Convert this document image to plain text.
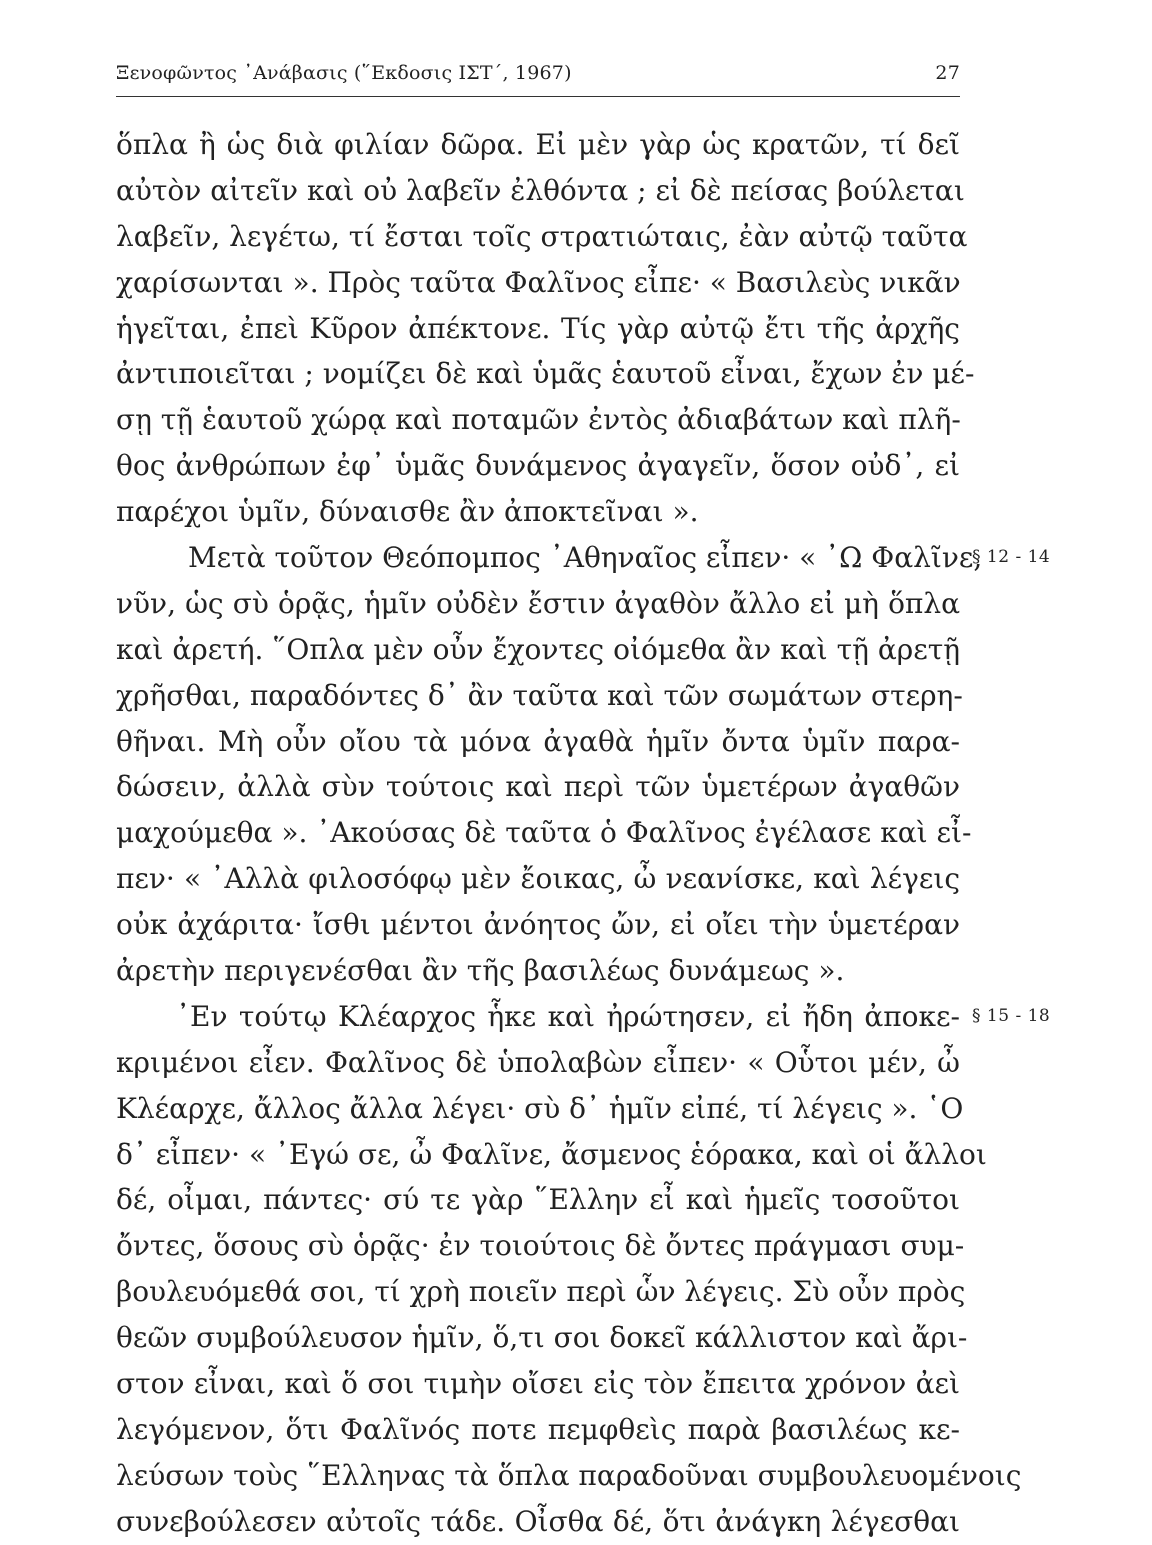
Ξενοφῶντος ᾿Ανάβασις (῞Εκδοσις ΙΣΤ΄, 1967)	27
ὅπλα ἢ ὡς διὰ φιλίαν δῶρα. Εἰ μὲν γὰρ ὡς κρατῶν, τί δεῖ
αὐτὸν αἰτεῖν καὶ οὐ λαβεῖν ἐλθόντα ; εἰ δὲ πείσας βούλεται
λαβεῖν, λεγέτω, τί ἔσται τοῖς στρατιώταις, ἐὰν αὐτῷ ταῦτα
χαρίσωνται ». Πρὸς ταῦτα Φαλῖνος εἶπε· « Βασιλεὺς νικᾶν
ἡγεῖται, ἐπεὶ Κῦρον ἀπέκτονε. Τίς γὰρ αὐτῷ ἔτι τῆς ἀρχῆς
ἀντιποιεῖται ; νομίζει δὲ καὶ ὑμᾶς ἑαυτοῦ εἶναι, ἔχων ἐν μέ-
σῃ τῇ ἑαυτοῦ χώρᾳ καὶ ποταμῶν ἐντὸς ἀδιαβάτων καὶ πλῆ-
θος ἀνθρώπων ἐφ᾿ ὑμᾶς δυνάμενος ἀγαγεῖν, ὅσον οὐδ᾿, εἰ
παρέχοι ὑμῖν, δύναισθε ἂν ἀποκτεῖναι ».
Μετὰ τοῦτον Θεόπομπος ᾿Αθηναῖος εἶπεν· « ᾿Ω Φαλῖνε,
§ 12 - 14
νῦν, ὡς σὺ ὁρᾷς, ἡμῖν οὐδὲν ἔστιν ἀγαθὸν ἄλλο εἰ μὴ ὅπλα
καὶ ἀρετή. ῞Οπλα μὲν οὖν ἔχοντες οἰόμεθα ἂν καὶ τῇ ἀρετῇ
χρῆσθαι, παραδόντες δ᾿ ἂν ταῦτα καὶ τῶν σωμάτων στερη-
θῆναι. Μὴ οὖν οἴου τὰ μόνα ἀγαθὰ ἡμῖν ὄντα ὑμῖν παρα-
δώσειν, ἀλλὰ σὺν τούτοις καὶ περὶ τῶν ὑμετέρων ἀγαθῶν
μαχούμεθα ». ᾿Ακούσας δὲ ταῦτα ὁ Φαλῖνος ἐγέλασε καὶ εἶ-
πεν· « ᾿Αλλὰ φιλοσόφῳ μὲν ἔοικας, ὦ νεανίσκε, καὶ λέγεις
οὐκ ἀχάριτα· ἴσθι μέντοι ἀνόητος ὤν, εἰ οἴει τὴν ὑμετέραν
ἀρετὴν περιγενέσθαι ἂν τῆς βασιλέως δυνάμεως ».
᾿Εν τούτῳ Κλέαρχος ἧκε καὶ ἠρώτησεν, εἰ ἤδη ἀποκε- § 15 - 18
κριμένοι εἶεν. Φαλῖνος δὲ ὑπολαβὼν εἶπεν· « Οὗτοι μέν, ὦ
Κλέαρχε, ἄλλος ἄλλα λέγει· σὺ δ᾿ ἡμῖν εἰπέ, τί λέγεις ». ῾Ο
δ᾿ εἶπεν· « ᾿Εγώ σε, ὦ Φαλῖνε, ἄσμενος ἑόρακα, καὶ οἱ ἄλλοι
δέ, οἶμαι, πάντες· σύ τε γὰρ ῞Ελλην εἶ καὶ ἡμεῖς τοσοῦτοι
ὄντες, ὅσους σὺ ὁρᾷς· ἐν τοιούτοις δὲ ὄντες πράγμασι συμ-
βουλευόμεθά σοι, τί χρὴ ποιεῖν περὶ ὧν λέγεις. Σὺ οὖν πρὸς
θεῶν συμβούλευσον ἡμῖν, ὅ,τι σοι δοκεῖ κάλλιστον καὶ ἄρι-
στον εἶναι, καὶ ὅ σοι τιμὴν οἴσει εἰς τὸν ἔπειτα χρόνον ἀεὶ
λεγόμενον, ὅτι Φαλῖνός ποτε πεμφθεὶς παρὰ βασιλέως κε-
λεύσων τοὺς ῞Ελληνας τὰ ὅπλα παραδοῦναι συμβουλευομένοις
συνεβούλεσεν αὐτοῖς τάδε. Οἶσθα δέ, ὅτι ἀνάγκη λέγεσθαι
